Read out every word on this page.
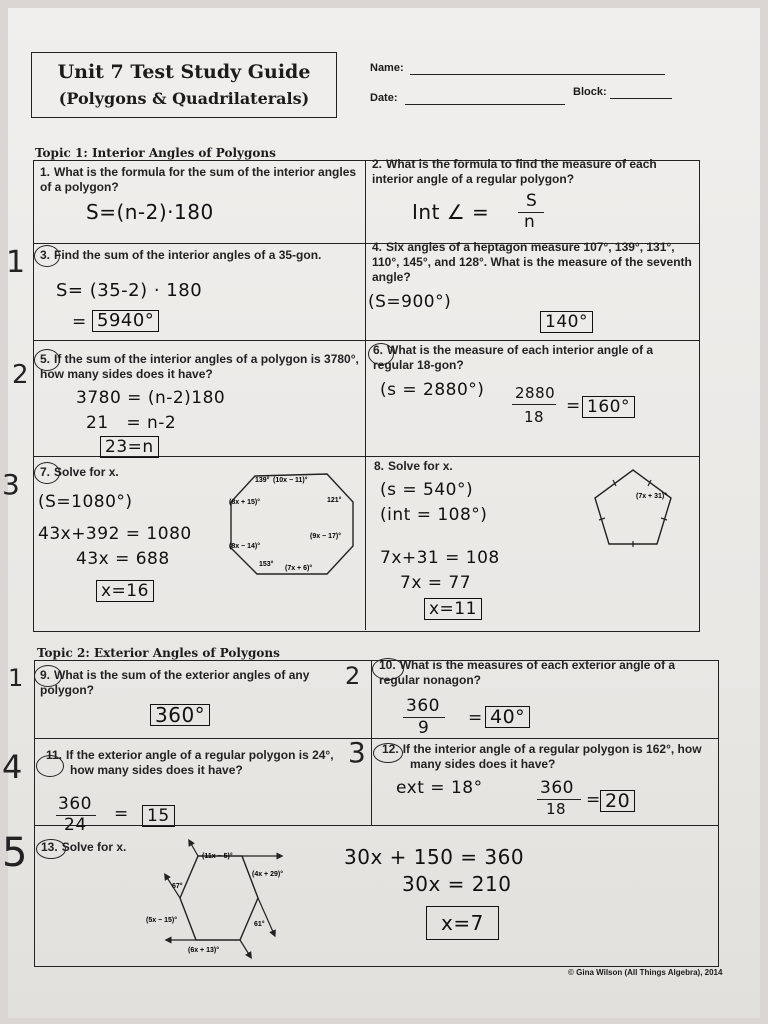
Unit 7 Test Study Guide
(Polygons & Quadrilaterals)
Name:
Date:	Block:
Topic 1: Interior Angles of Polygons
1. What is the formula for the sum of the interior angles of a polygon?
S=(n-2)·180
2. What is the formula to find the measure of each interior angle of a regular polygon?
Int ∠ = S
n
1 3. Find the sum of the interior angles of a 35-gon.
S= (35-2) · 180
= 5940°
4. Six angles of a heptagon measure 107°, 139°, 131°, 110°, 145°, and 128°. What is the measure of the seventh angle?
(S=900°)
140°
2
5. If the sum of the interior angles of a polygon is 3780°, how many sides does it have?
3780 = (n-2)180
21   = n-2
23=n
6. What is the measure of each interior angle of a regular 18-gon?
(s = 2880°) 2880
18
= 160°
3 7. Solve for x.
(S=1080°)
43x+392 = 1080
43x = 688
x=16
139° (10x − 11)°
121°
(8x + 15)°
(9x − 17)°
(8x − 14)°
153°
(7x + 6)°
8. Solve for x.
(s = 540°)
(int = 108°)
7x+31 = 108
7x = 77
x=11
(7x + 31)°
Topic 2: Exterior Angles of Polygons
1 9. What is the sum of the exterior angles of any polygon?
360°
2 10. What is the measures of each exterior angle of a regular nonagon?
360
9 = 40°
4	11. If the exterior angle of a regular polygon is 24°, how many sides does it have?
360
24
= 15
3 12. If the interior angle of a regular polygon is 162°, how many sides does it have?
ext = 18°	360
18 = 20
5 13. Solve for x.
(11x − 5)°
(4x + 29)°
67°
61°
(5x − 15)°
(6x + 13)°
30x + 150 = 360
30x = 210
x=7
© Gina Wilson (All Things Algebra), 2014
